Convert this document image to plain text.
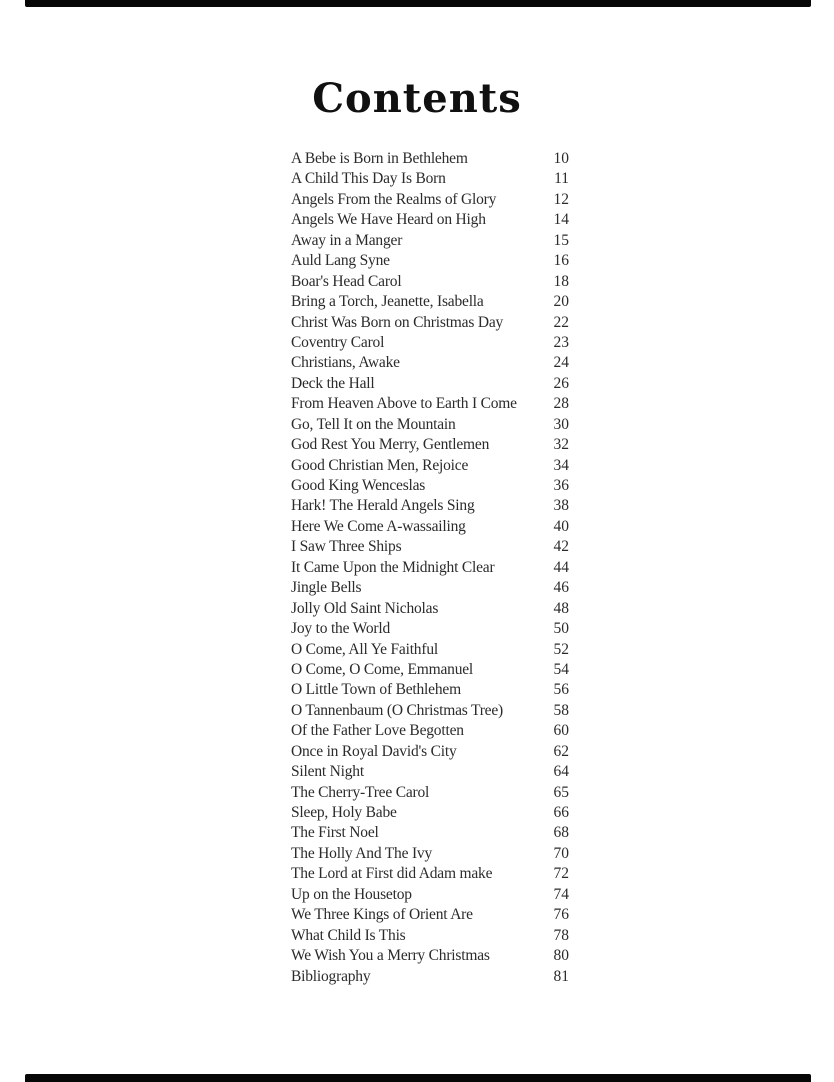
Contents
A Bebe is Born in Bethlehem	10
A Child This Day Is Born	11
Angels From the Realms of Glory	12
Angels We Have Heard on High	14
Away in a Manger	15
Auld Lang Syne	16
Boar's Head Carol	18
Bring a Torch, Jeanette, Isabella	20
Christ Was Born on Christmas Day	22
Coventry Carol	23
Christians, Awake	24
Deck the Hall	26
From Heaven Above to Earth I Come 28
Go, Tell It on the Mountain	30
God Rest You Merry, Gentlemen	32
Good Christian Men, Rejoice	34
Good King Wenceslas	36
Hark! The Herald Angels Sing	38
Here We Come A-wassailing	40
I Saw Three Ships	42
It Came Upon the Midnight Clear	44
Jingle Bells	46
Jolly Old Saint Nicholas	48
Joy to the World	50
O Come, All Ye Faithful	52
O Come, O Come, Emmanuel	54
O Little Town of Bethlehem	56
O Tannenbaum (O Christmas Tree)	58
Of the Father Love Begotten	60
Once in Royal David's City	62
Silent Night	64
The Cherry-Tree Carol	65
Sleep, Holy Babe	66
The First Noel	68
The Holly And The Ivy	70
The Lord at First did Adam make	72
Up on the Housetop	74
We Three Kings of Orient Are	76
What Child Is This	78
We Wish You a Merry Christmas	80
Bibliography	81
